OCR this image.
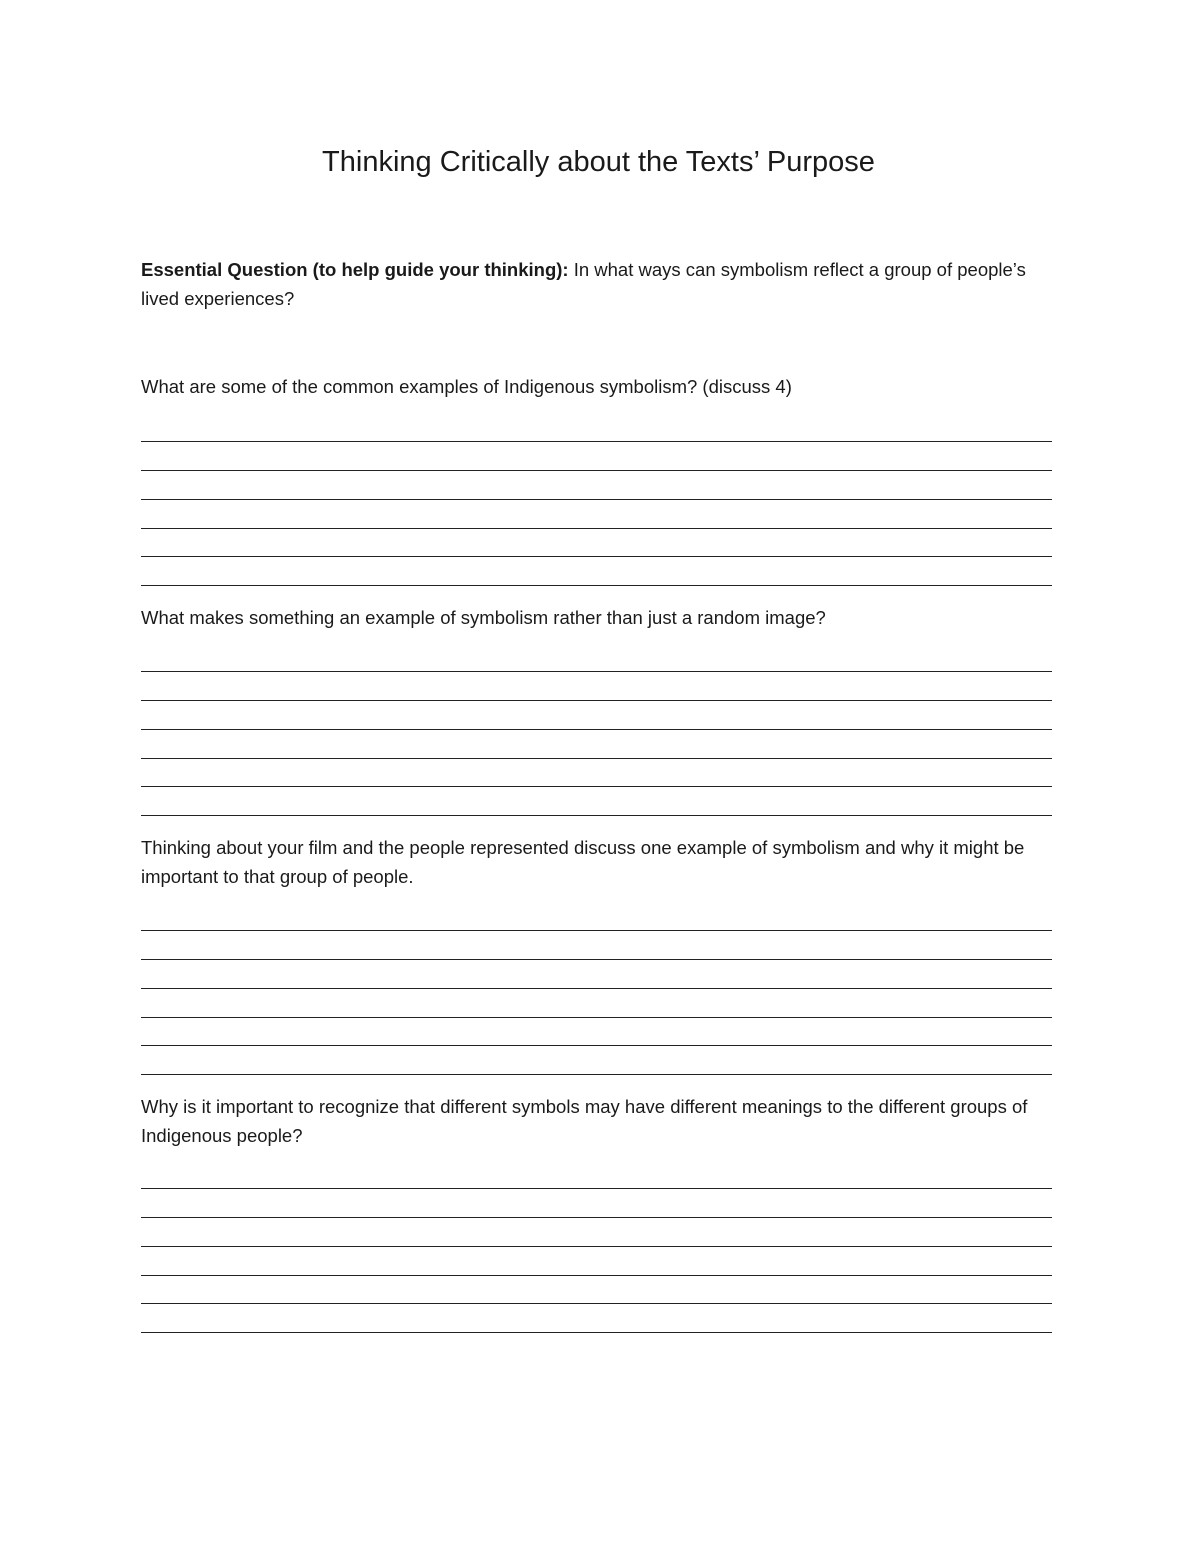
Thinking Critically about the Texts’ Purpose
Essential Question (to help guide your thinking): In what ways can symbolism reflect a group of people’s lived experiences?
What are some of the common examples of Indigenous symbolism? (discuss 4)
What makes something an example of symbolism rather than just a random image?
Thinking about your film and the people represented discuss one example of symbolism and why it might be important to that group of people.
Why is it important to recognize that different symbols may have different meanings to the different groups of Indigenous people?
